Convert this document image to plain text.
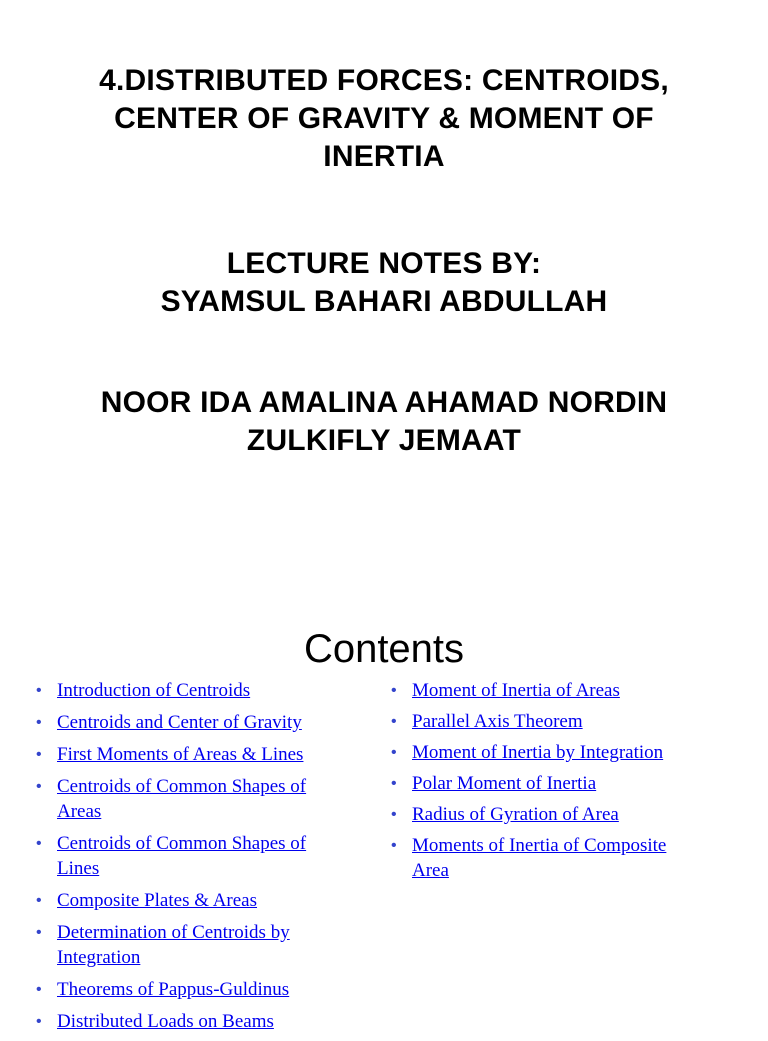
4.DISTRIBUTED FORCES: CENTROIDS,
CENTER OF GRAVITY & MOMENT OF
INERTIA
LECTURE NOTES BY:
SYAMSUL BAHARI ABDULLAH
NOOR IDA AMALINA AHAMAD NORDIN
ZULKIFLY JEMAAT
Contents
• Introduction of Centroids
• Centroids and Center of Gravity
• First Moments of Areas & Lines
• Centroids of Common Shapes of
Areas
• Centroids of Common Shapes of
Lines
• Composite Plates & Areas
• Determination of Centroids by
Integration
• Theorems of Pappus-Guldinus
• Distributed Loads on Beams
• Moment of Inertia of Areas
• Parallel Axis Theorem
• Moment of Inertia by Integration
• Polar Moment of Inertia
• Radius of Gyration of Area
• Moments of Inertia of Composite
Area
